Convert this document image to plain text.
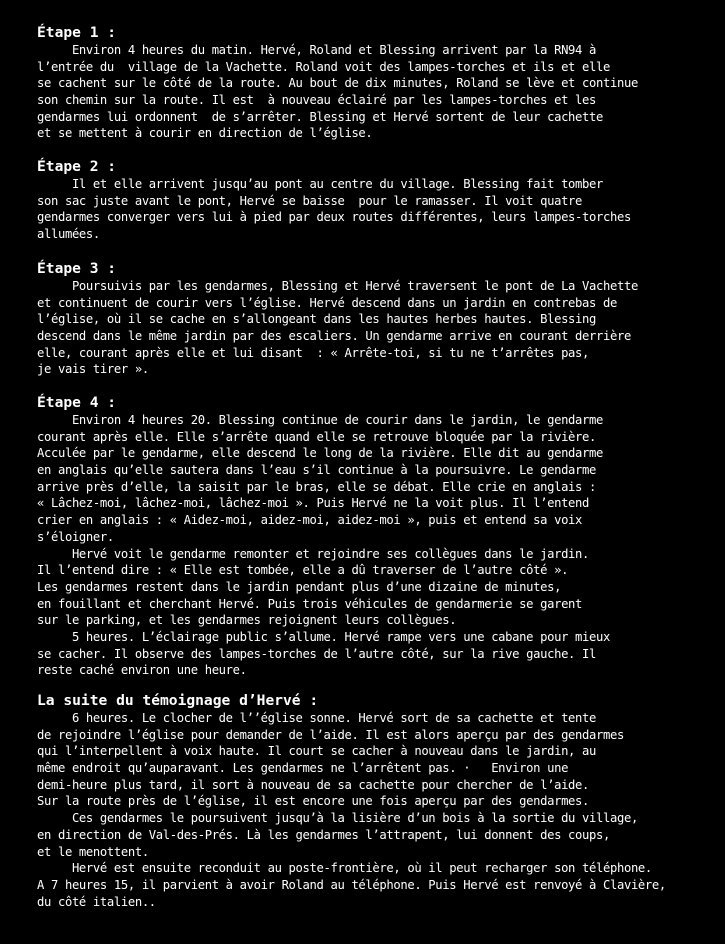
Étape 1 :
Environ 4 heures du matin. Hervé, Roland et Blessing arrivent par la RN94 à
l’entrée du  village de la Vachette. Roland voit des lampes-torches et ils et elle
se cachent sur le côté de la route. Au bout de dix minutes, Roland se lève et continue
son chemin sur la route. Il est  à nouveau éclairé par les lampes-torches et les
gendarmes lui ordonnent  de s’arrêter. Blessing et Hervé sortent de leur cachette
et se mettent à courir en direction de l’église.
Étape 2 :
Il et elle arrivent jusqu’au pont au centre du village. Blessing fait tomber
son sac juste avant le pont, Hervé se baisse  pour le ramasser. Il voit quatre
gendarmes converger vers lui à pied par deux routes différentes, leurs lampes-torches
allumées.
Étape 3 :
Poursuivis par les gendarmes, Blessing et Hervé traversent le pont de La Vachette
et continuent de courir vers l’église. Hervé descend dans un jardin en contrebas de
l’église, où il se cache en s’allongeant dans les hautes herbes hautes. Blessing
descend dans le même jardin par des escaliers. Un gendarme arrive en courant derrière
elle, courant après elle et lui disant  : « Arrête-toi, si tu ne t’arrêtes pas,
je vais tirer ».
Étape 4 :
Environ 4 heures 20. Blessing continue de courir dans le jardin, le gendarme
courant après elle. Elle s’arrête quand elle se retrouve bloquée par la rivière.
Acculée par le gendarme, elle descend le long de la rivière. Elle dit au gendarme
en anglais qu’elle sautera dans l’eau s’il continue à la poursuivre. Le gendarme
arrive près d’elle, la saisit par le bras, elle se débat. Elle crie en anglais :
« Lâchez-moi, lâchez-moi, lâchez-moi ». Puis Hervé ne la voit plus. Il l’entend
crier en anglais : « Aidez-moi, aidez-moi, aidez-moi », puis et entend sa voix
s’éloigner.
Hervé voit le gendarme remonter et rejoindre ses collègues dans le jardin.
Il l’entend dire : « Elle est tombée, elle a dû traverser de l’autre côté ».
Les gendarmes restent dans le jardin pendant plus d’une dizaine de minutes,
en fouillant et cherchant Hervé. Puis trois véhicules de gendarmerie se garent
sur le parking, et les gendarmes rejoignent leurs collègues.
5 heures. L’éclairage public s’allume. Hervé rampe vers une cabane pour mieux
se cacher. Il observe des lampes-torches de l’autre côté, sur la rive gauche. Il
reste caché environ une heure.
La suite du témoignage d’Hervé :
6 heures. Le clocher de l’’église sonne. Hervé sort de sa cachette et tente
de rejoindre l’église pour demander de l’aide. Il est alors aperçu par des gendarmes
qui l’interpellent à voix haute. Il court se cacher à nouveau dans le jardin, au
même endroit qu’auparavant. Les gendarmes ne l’arrêtent pas. ·   Environ une
demi-heure plus tard, il sort à nouveau de sa cachette pour chercher de l’aide.
Sur la route près de l’église, il est encore une fois aperçu par des gendarmes.
Ces gendarmes le poursuivent jusqu’à la lisière d’un bois à la sortie du village,
en direction de Val-des-Prés. Là les gendarmes l’attrapent, lui donnent des coups,
et le menottent.
Hervé est ensuite reconduit au poste-frontière, où il peut recharger son téléphone.
A 7 heures 15, il parvient à avoir Roland au téléphone. Puis Hervé est renvoyé à Clavière,
du côté italien..
